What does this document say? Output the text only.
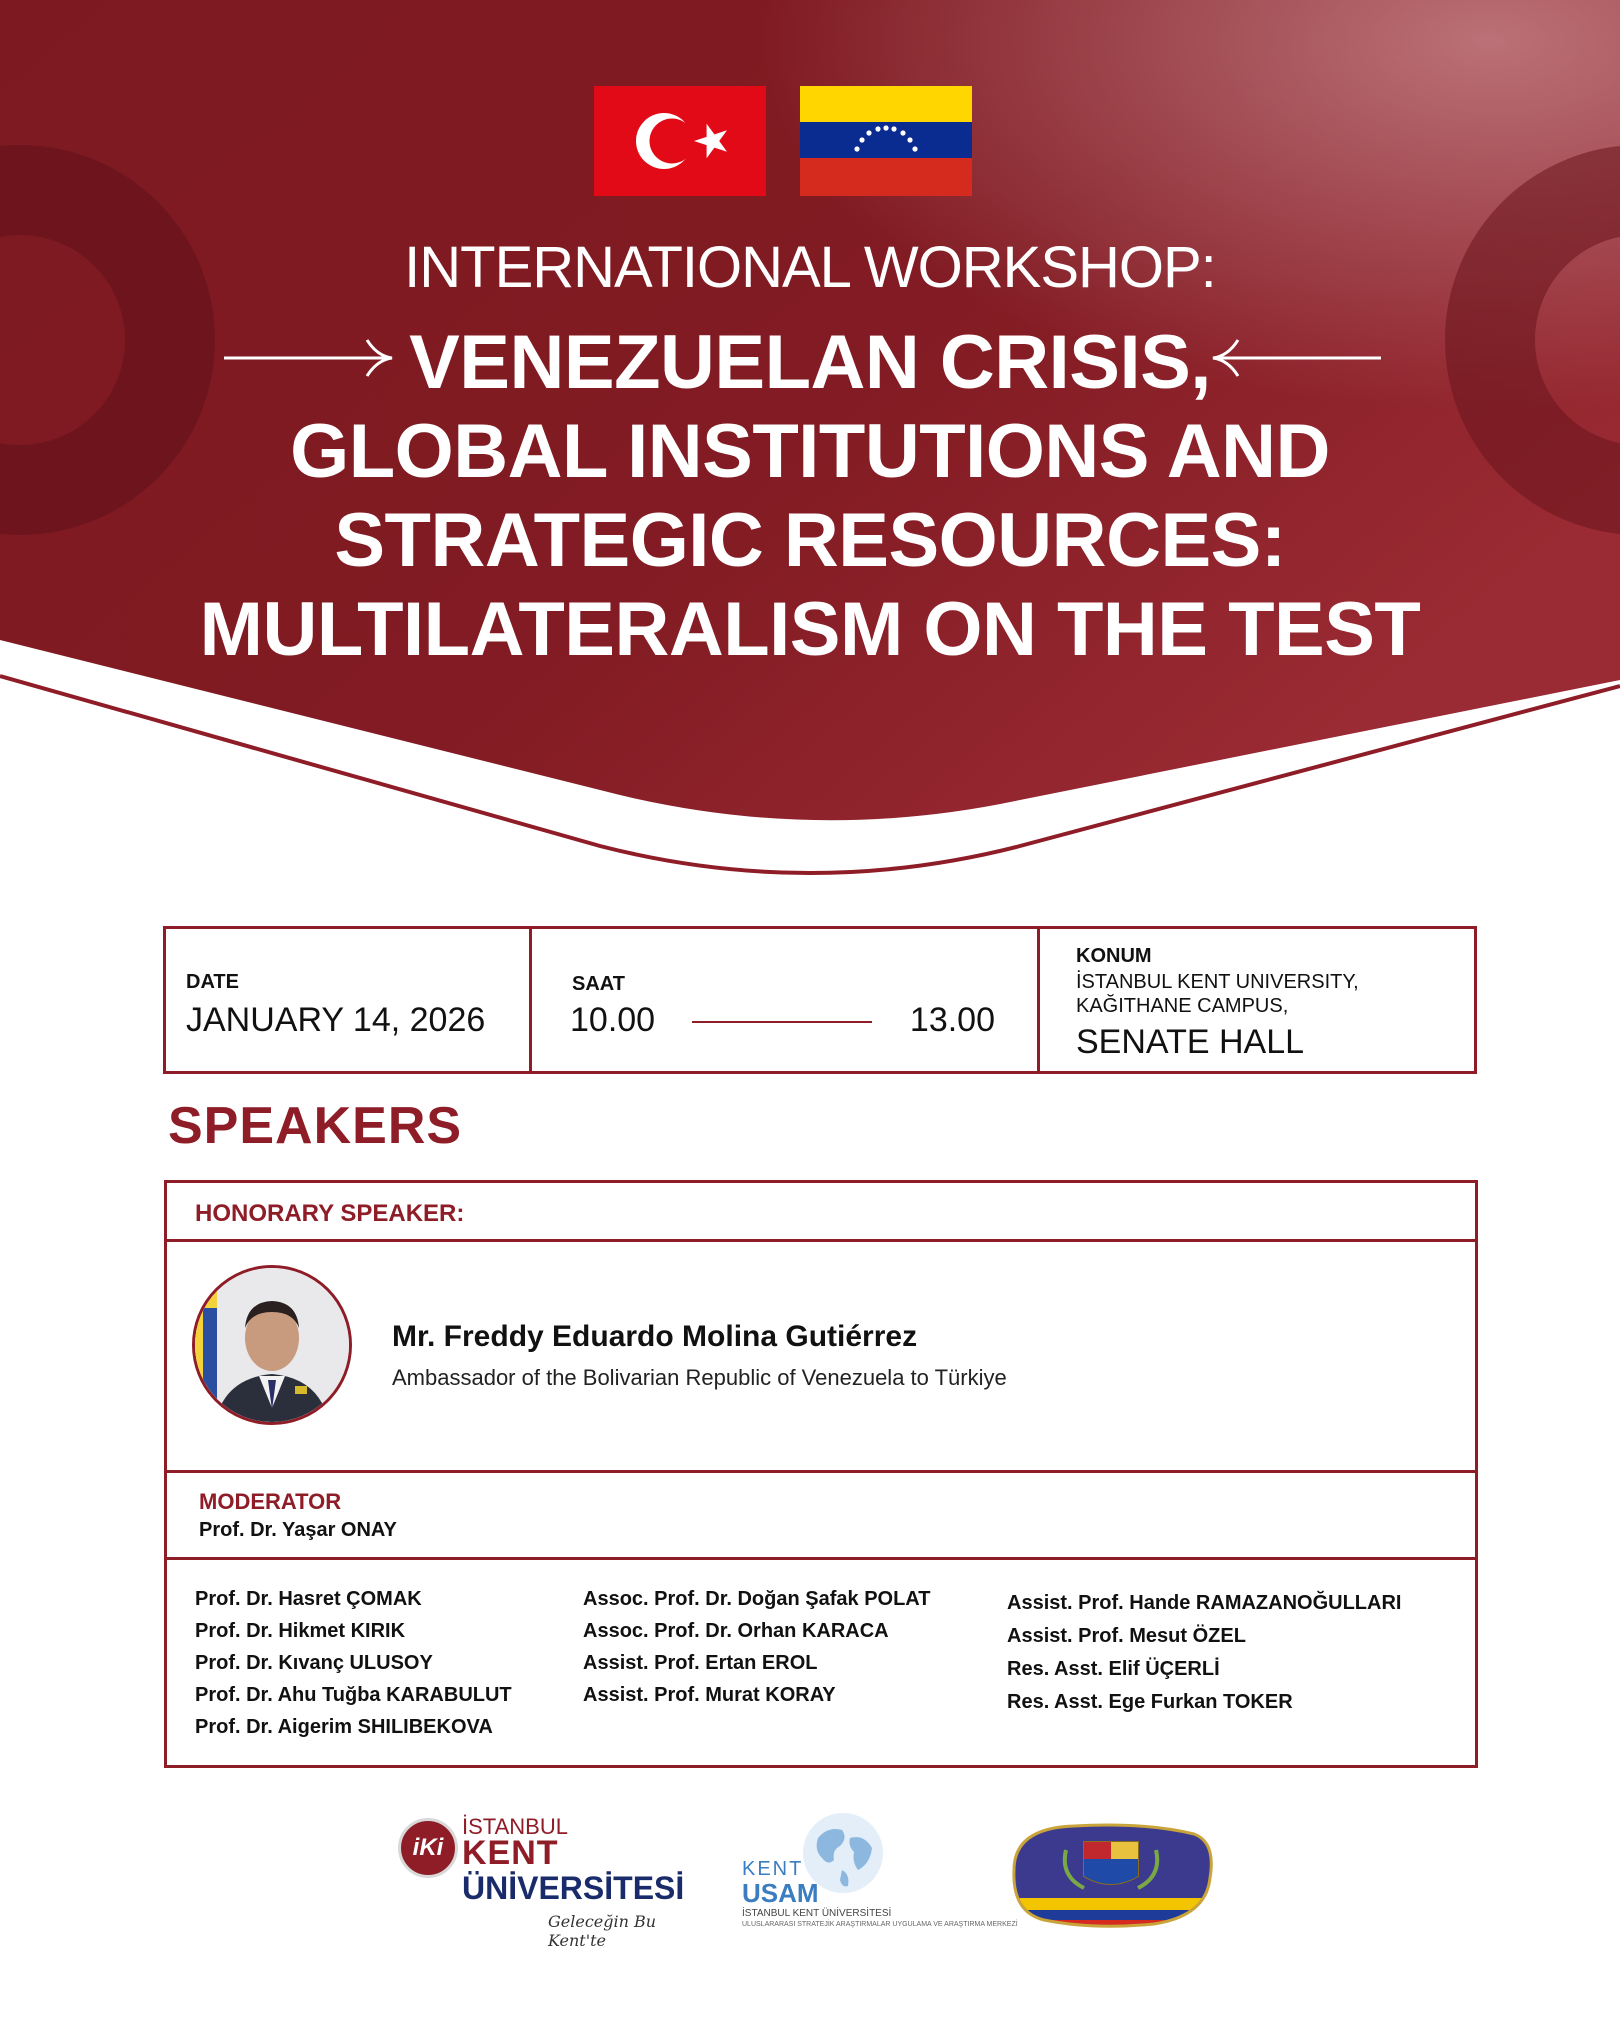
INTERNATIONAL WORKSHOP:
VENEZUELAN CRISIS,
GLOBAL INSTITUTIONS AND
STRATEGIC RESOURCES:
MULTILATERALISM ON THE TEST
DATE
JANUARY 14, 2026
SAAT
10.00	13.00
KONUM
İSTANBUL KENT UNIVERSITY,
KAĞITHANE CAMPUS,
SENATE HALL
SPEAKERS
HONORARY SPEAKER:
Mr. Freddy Eduardo Molina Gutiérrez
Ambassador of the Bolivarian Republic of Venezuela to Türkiye
MODERATOR
Prof. Dr. Yaşar ONAY
Prof. Dr. Hasret ÇOMAK
Prof. Dr. Hikmet KIRIK
Prof. Dr. Kıvanç ULUSOY
Prof. Dr. Ahu Tuğba KARABULUT
Prof. Dr. Aigerim SHILIBEKOVA
Assoc. Prof. Dr. Doğan Şafak POLAT
Assoc. Prof. Dr. Orhan KARACA
Assist. Prof. Ertan EROL
Assist. Prof. Murat KORAY
Assist. Prof. Hande RAMAZANOĞULLARI
Assist. Prof. Mesut ÖZEL
Res. Asst. Elif ÜÇERLİ
Res. Asst. Ege Furkan TOKER
iKi
İSTANBUL
KENT
ÜNİVERSİTESİ
Geleceğin Bu Kent'te
KENT
USAM
İSTANBUL KENT ÜNİVERSİTESİ
ULUSLARARASI STRATEJİK ARAŞTIRMALAR UYGULAMA VE ARAŞTIRMA MERKEZİ
